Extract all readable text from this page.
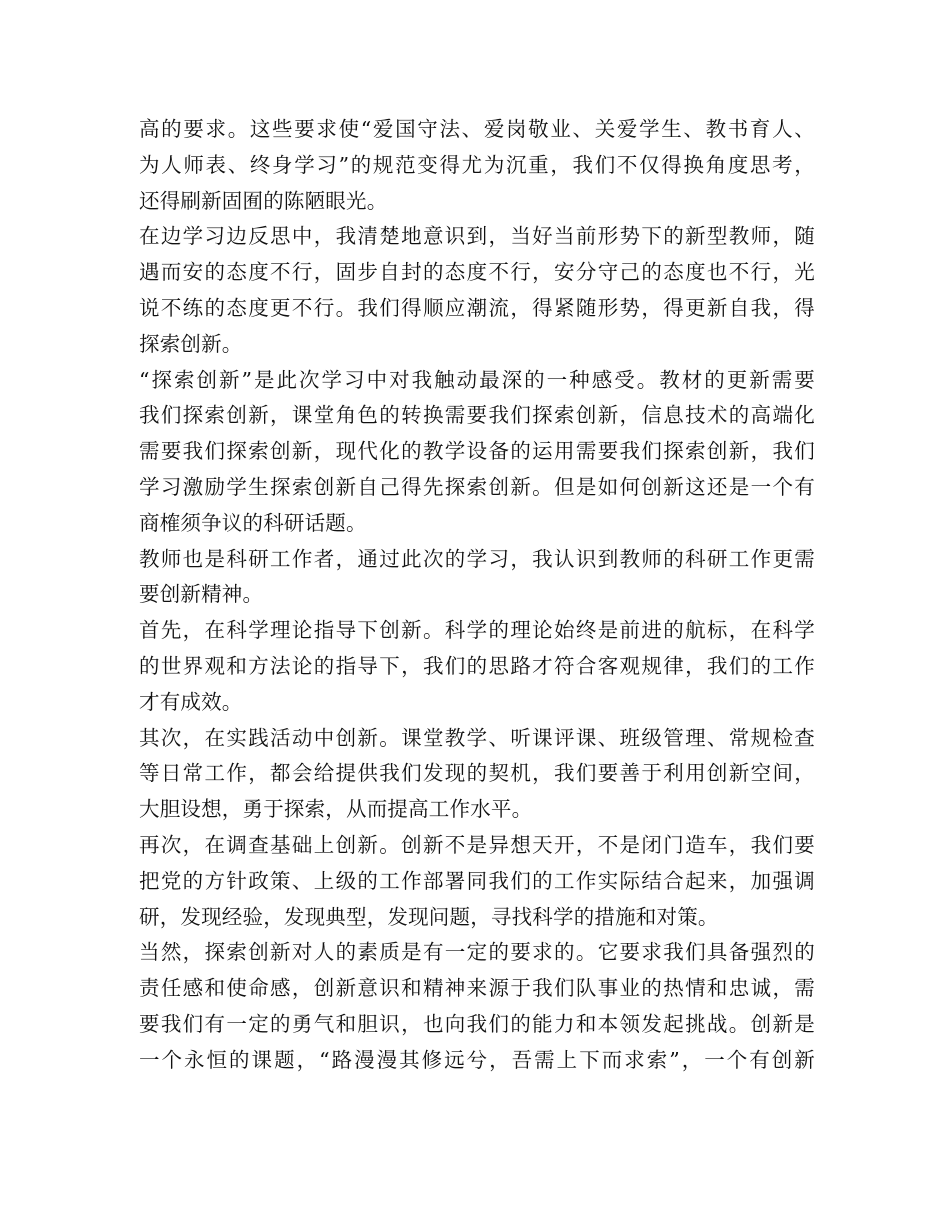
高的要求。这些要求使“爱国守法、爱岗敬业、关爱学生、教书育人、
为人师表、终身学习”的规范变得尤为沉重，我们不仅得换角度思考，
还得刷新固囿的陈陋眼光。
在边学习边反思中，我清楚地意识到，当好当前形势下的新型教师，随
遇而安的态度不行，固步自封的态度不行，安分守己的态度也不行，光
说不练的态度更不行。我们得顺应潮流，得紧随形势，得更新自我，得
探索创新。
“探索创新”是此次学习中对我触动最深的一种感受。教材的更新需要
我们探索创新，课堂角色的转换需要我们探索创新，信息技术的高端化
需要我们探索创新，现代化的教学设备的运用需要我们探索创新，我们
学习激励学生探索创新自己得先探索创新。但是如何创新这还是一个有
商榷须争议的科研话题。
教师也是科研工作者，通过此次的学习，我认识到教师的科研工作更需
要创新精神。
首先，在科学理论指导下创新。科学的理论始终是前进的航标，在科学
的世界观和方法论的指导下，我们的思路才符合客观规律，我们的工作
才有成效。
其次，在实践活动中创新。课堂教学、听课评课、班级管理、常规检查
等日常工作，都会给提供我们发现的契机，我们要善于利用创新空间，
大胆设想，勇于探索，从而提高工作水平。
再次，在调查基础上创新。创新不是异想天开，不是闭门造车，我们要
把党的方针政策、上级的工作部署同我们的工作实际结合起来，加强调
研，发现经验，发现典型，发现问题，寻找科学的措施和对策。
当然，探索创新对人的素质是有一定的要求的。它要求我们具备强烈的
责任感和使命感，创新意识和精神来源于我们队事业的热情和忠诚，需
要我们有一定的勇气和胆识，也向我们的能力和本领发起挑战。创新是
一个永恒的课题，“路漫漫其修远兮，吾需上下而求索”，一个有创新
